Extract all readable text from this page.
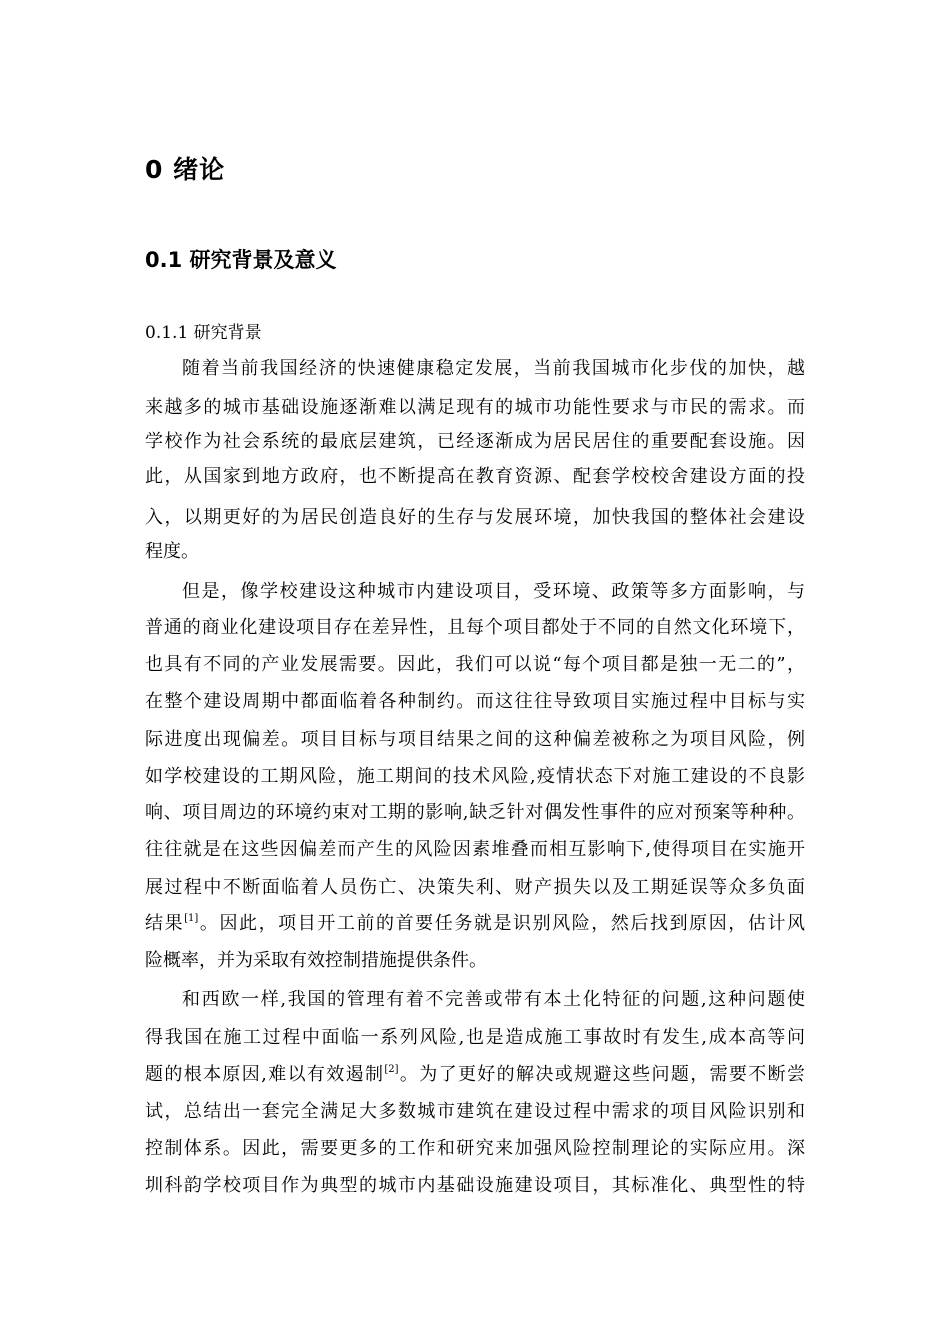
0 绪论
0.1 研究背景及意义
0.1.1 研究背景
随着当前我国经济的快速健康稳定发展，当前我国城市化步伐的加快，越
来越多的城市基础设施逐渐难以满足现有的城市功能性要求与市民的需求。而
学校作为社会系统的最底层建筑，已经逐渐成为居民居住的重要配套设施。因
此，从国家到地方政府，也不断提高在教育资源、配套学校校舍建设方面的投
入，以期更好的为居民创造良好的生存与发展环境，加快我国的整体社会建设
程度。
但是，像学校建设这种城市内建设项目，受环境、政策等多方面影响，与
普通的商业化建设项目存在差异性，且每个项目都处于不同的自然文化环境下，
也具有不同的产业发展需要。因此，我们可以说“每个项目都是独一无二的”，
在整个建设周期中都面临着各种制约。而这往往导致项目实施过程中目标与实
际进度出现偏差。项目目标与项目结果之间的这种偏差被称之为项目风险，例
如学校建设的工期风险，施工期间的技术风险,疫情状态下对施工建设的不良影
响、项目周边的环境约束对工期的影响,缺乏针对偶发性事件的应对预案等种种。
往往就是在这些因偏差而产生的风险因素堆叠而相互影响下,使得项目在实施开
展过程中不断面临着人员伤亡、决策失利、财产损失以及工期延误等众多负面
结果[1]。因此，项目开工前的首要任务就是识别风险，然后找到原因，估计风
险概率，并为采取有效控制措施提供条件。
和西欧一样,我国的管理有着不完善或带有本土化特征的问题,这种问题使
得我国在施工过程中面临一系列风险,也是造成施工事故时有发生,成本高等问
题的根本原因,难以有效遏制[2]。为了更好的解决或规避这些问题，需要不断尝
试，总结出一套完全满足大多数城市建筑在建设过程中需求的项目风险识别和
控制体系。因此，需要更多的工作和研究来加强风险控制理论的实际应用。深
圳科韵学校项目作为典型的城市内基础设施建设项目，其标准化、典型性的特
